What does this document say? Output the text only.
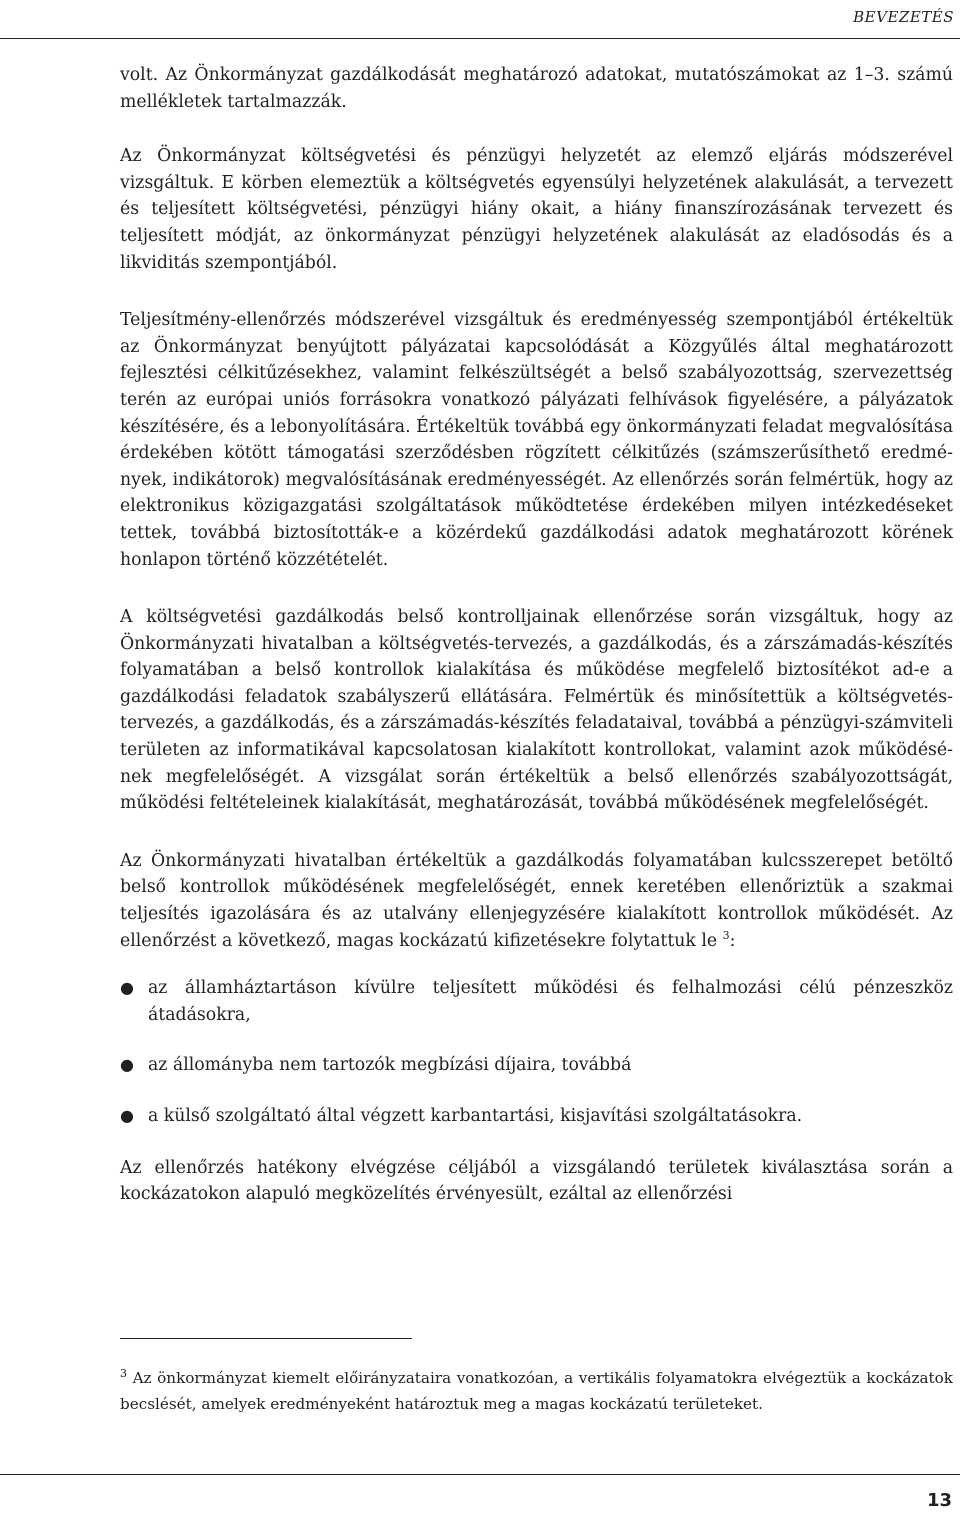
BEVEZETÉS

volt. Az Önkormányzat gazdálkodását meghatározó adatokat, mutatószámokat az 1–3. számú mellékletek tartalmazzák.

Az Önkormányzat költségvetési és pénzügyi helyzetét az elemző eljárás módszerével vizsgáltuk. E körben elemeztük a költségvetés egyensúlyi helyzetének alakulását, a tervezett és teljesített költségvetési, pénzügyi hiány okait, a hiány finanszírozásának tervezett és teljesített módját, az önkormányzat pénzügyi helyzetének alakulását az eladósodás és a likviditás szempontjából.

Teljesítmény-ellenőrzés módszerével vizsgáltuk és eredményesség szempontjából értékeltük az Önkormányzat benyújtott pályázatai kapcsolódását a Közgyűlés által meghatározott fejlesztési célkitűzésekhez, valamint felkészültségét a belső szabályozottság, szervezettség terén az európai uniós forrásokra vonatkozó pályázati felhívások figyelésére, a pályázatok készítésére, és a lebonyolítására. Értékeltük továbbá egy önkormányzati feladat megvalósítása érdekében kötött támogatási szerződésben rögzített célkitűzés (számszerűsíthető eredmények, indikátorok) megvalósításának eredményességét. Az ellenőrzés során felmértük, hogy az elektronikus közigazgatási szolgáltatások működtetése érdekében milyen intézkedéseket tettek, továbbá biztosították-e a közérdekű gazdálkodási adatok meghatározott körének honlapon történő közzétételét.

A költségvetési gazdálkodás belső kontrolljainak ellenőrzése során vizsgáltuk, hogy az Önkormányzati hivatalban a költségvetés-tervezés, a gazdálkodás, és a zárszámadás-készítés folyamatában a belső kontrollok kialakítása és működése megfelelő biztosítékot ad-e a gazdálkodási feladatok szabályszerű ellátására. Felmértük és minősítettük a költségvetés-tervezés, a gazdálkodás, és a zárszámadás-készítés feladataival, továbbá a pénzügyi-számviteli területen az informatikával kapcsolatosan kialakított kontrollokat, valamint azok működésének megfelelőségét. A vizsgálat során értékeltük a belső ellenőrzés szabályozottságát, működési feltételeinek kialakítását, meghatározását, továbbá működésének megfelelőségét.

Az Önkormányzati hivatalban értékeltük a gazdálkodás folyamatában kulcsszerepet betöltő belső kontrollok működésének megfelelőségét, ennek keretében ellenőriztük a szakmai teljesítés igazolására és az utalvány ellenjegyzésére kialakított kontrollok működését. Az ellenőrzést a következő, magas kockázatú kifizetésekre folytattuk le $^3$:

● az államháztartáson kívülre teljesített működési és felhalmozási célú pénzeszköz átadásokra,
● az állományba nem tartozók megbízási díjaira, továbbá
● a külső szolgáltató által végzett karbantartási, kisjavítási szolgáltatásokra.

Az ellenőrzés hatékony elvégzése céljából a vizsgálandó területek kiválasztása során a kockázatokon alapuló megközelítés érvényesült, ezáltal az ellenőrzési

$^3$ Az önkormányzat kiemelt előirányzataira vonatkozóan, a vertikális folyamatokra elvégeztük a kockázatok becslését, amelyek eredményeként határoztuk meg a magas kockázatú területeket.

13
